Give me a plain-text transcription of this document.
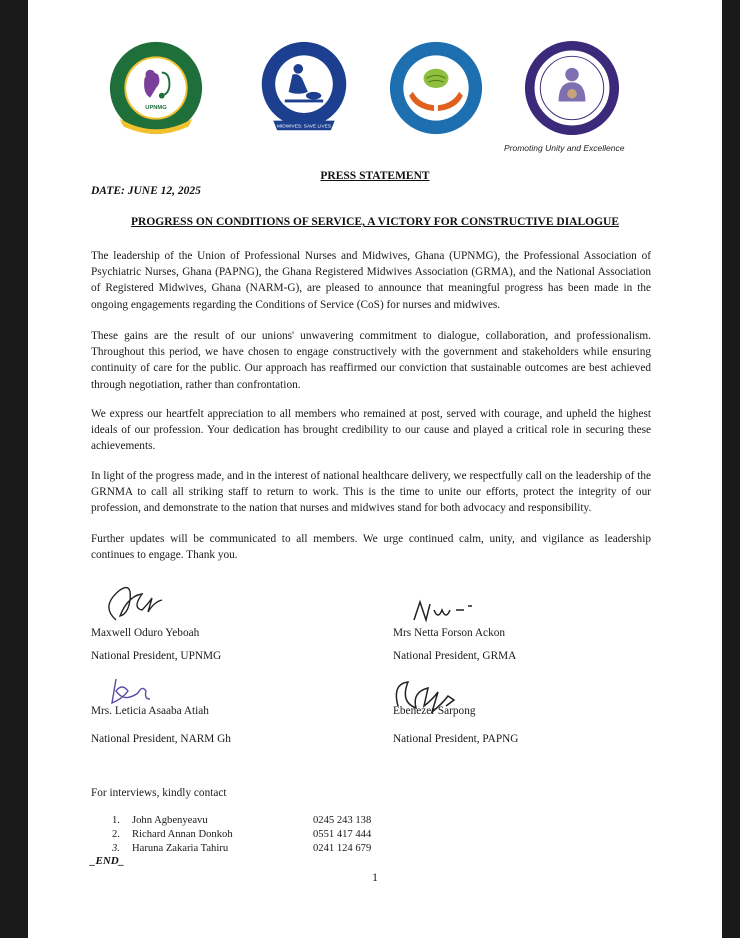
UPNMG
MIDWIVES: SAVE LIVES
Promoting Unity and Excellence
PRESS STATEMENT
DATE: JUNE 12, 2025
PROGRESS ON CONDITIONS OF SERVICE, A VICTORY FOR CONSTRUCTIVE DIALOGUE

The leadership of the Union of Professional Nurses and Midwives, Ghana (UPNMG), the Professional Association of Psychiatric Nurses, Ghana (PAPNG), the Ghana Registered Midwives Association (GRMA), and the National Association of Registered Midwives, Ghana (NARM-G), are pleased to announce that meaningful progress has been made in the ongoing engagements regarding the Conditions of Service (CoS) for nurses and midwives.

These gains are the result of our unions' unwavering commitment to dialogue, collaboration, and professionalism. Throughout this period, we have chosen to engage constructively with the government and stakeholders while ensuring continuity of care for the public. Our approach has reaffirmed our conviction that sustainable outcomes are best achieved through negotiation, rather than confrontation.

We express our heartfelt appreciation to all members who remained at post, served with courage, and upheld the highest ideals of our profession. Your dedication has brought credibility to our cause and played a critical role in securing these achievements.

In light of the progress made, and in the interest of national healthcare delivery, we respectfully call on the leadership of the GRNMA to call all striking staff to return to work. This is the time to unite our efforts, protect the integrity of our profession, and demonstrate to the nation that nurses and midwives stand for both advocacy and responsibility.

Further updates will be communicated to all members. We urge continued calm, unity, and vigilance as leadership continues to engage. Thank you.

Maxwell Oduro Yeboah
National President, UPNMG
Mrs Netta Forson Ackon
National President, GRMA
Mrs. Leticia Asaaba Atiah
National President, NARM Gh
Ebenezer Sarpong
National President, PAPNG
For interviews, kindly contact
1. John Agbenyeavu	0245 243 138
2. Richard Annan Donkoh	0551 417 444
3. Haruna Zakaria Tahiru	0241 124 679
_END_
1
